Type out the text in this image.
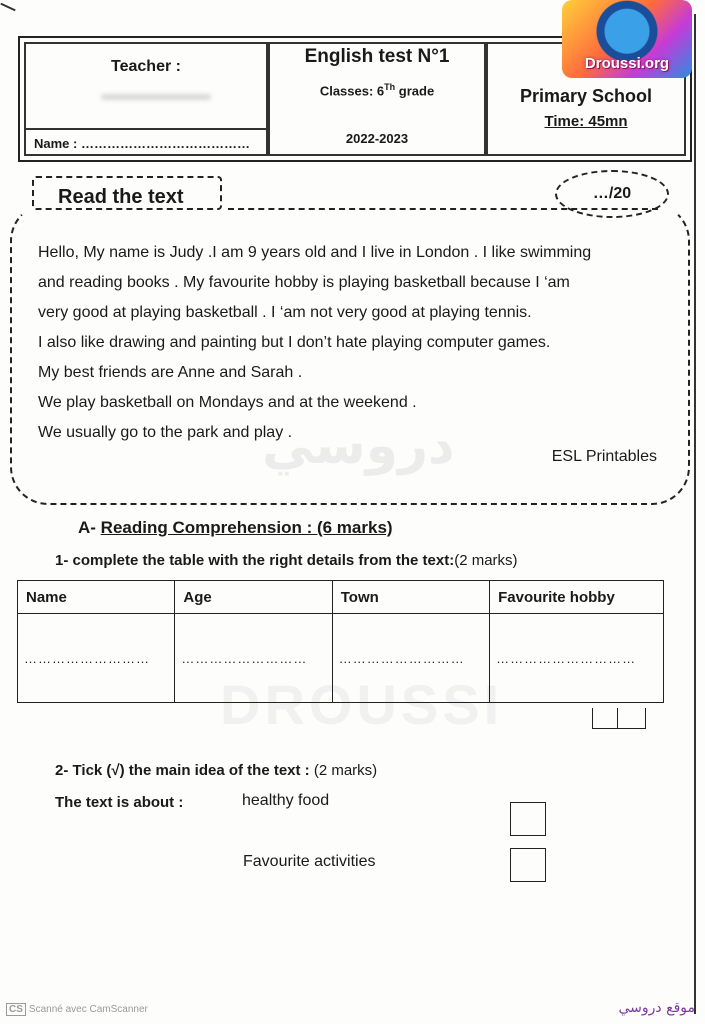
دروسي
DROUSSI
Teacher :
Name : …………………………………
English test N°1
Classes: 6Th grade
2022-2023
Primary School
Time: 45mn
Droussi.org
Read the text	…/20

Hello, My name is Judy .I am 9 years old and I live in London . I like swimming

and reading books . My favourite hobby is playing basketball because I ‘am

very good at playing basketball . I ‘am not very good at playing tennis.

I also like drawing and painting but I don’t hate playing computer games.

My best friends are Anne and Sarah .

We play basketball on Mondays and at the weekend .

We usually go to the park and play .

ESL Printables
A- Reading Comprehension : (6 marks)
1- complete the table with the right details from the text:(2 marks)
Name	Age	Town	Favourite hobby
………………………	………………………	………………………	…………………………
2- Tick (√) the main idea of the text : (2 marks)
The text is about :	healthy food
Favourite activities
CS Scanné avec CamScanner	موقع دروسي
